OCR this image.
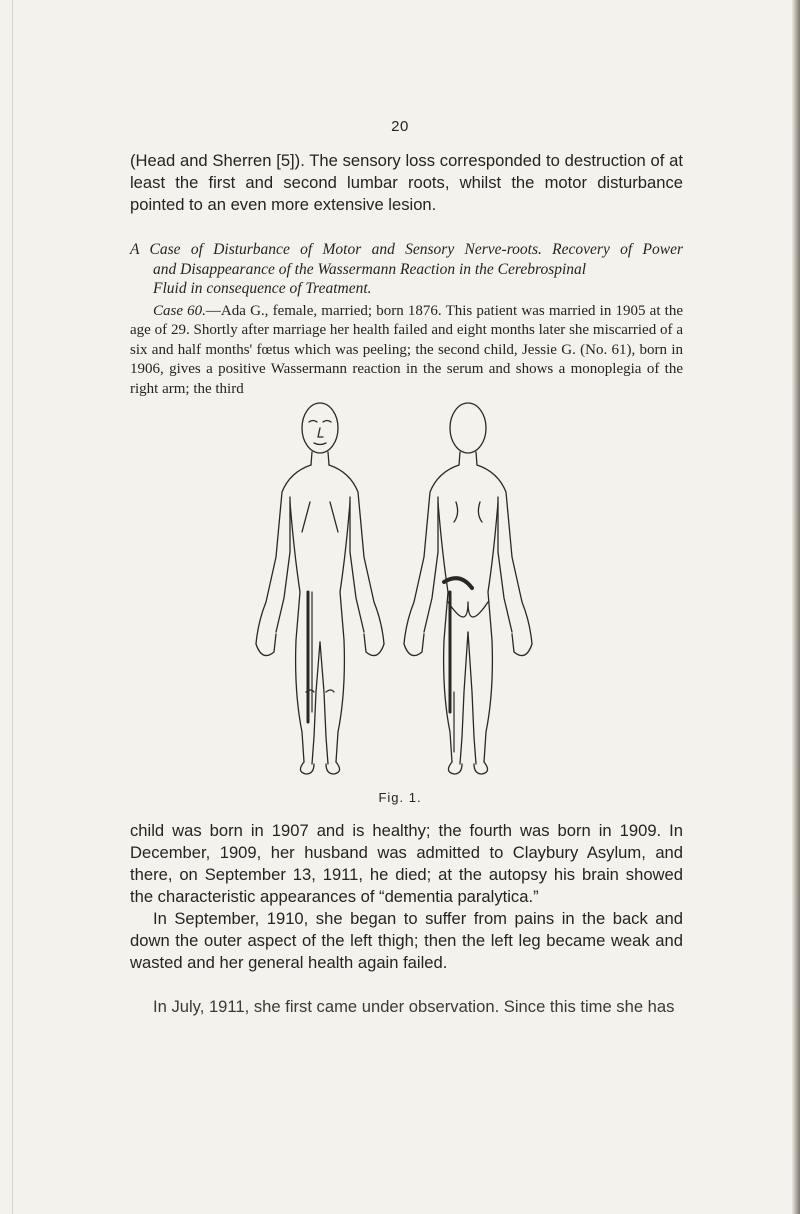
20

(Head and Sherren [5]). The sensory loss corresponded to destruction of at least the first and second lumbar roots, whilst the motor disturbance pointed to an even more extensive lesion.

A Case of Disturbance of Motor and Sensory Nerve-roots. Recovery of Power
and Disappearance of the Wassermann Reaction in the Cerebrospinal
Fluid in consequence of Treatment.

Case 60.—Ada G., female, married; born 1876. This patient was married in 1905 at the age of 29. Shortly after marriage her health failed and eight months later she miscarried of a six and half months' fœtus which was peeling; the second child, Jessie G. (No. 61), born in 1906, gives a positive Wassermann reaction in the serum and shows a monoplegia of the right arm; the third

Fig. 1.

child was born in 1907 and is healthy; the fourth was born in 1909. In December, 1909, her husband was admitted to Claybury Asylum, and there, on September 13, 1911, he died; at the autopsy his brain showed the characteristic appearances of “dementia paralytica.”

In September, 1910, she began to suffer from pains in the back and down the outer aspect of the left thigh; then the left leg became weak and wasted and her general health again failed.

In July, 1911, she first came under observation. Since this time she has
